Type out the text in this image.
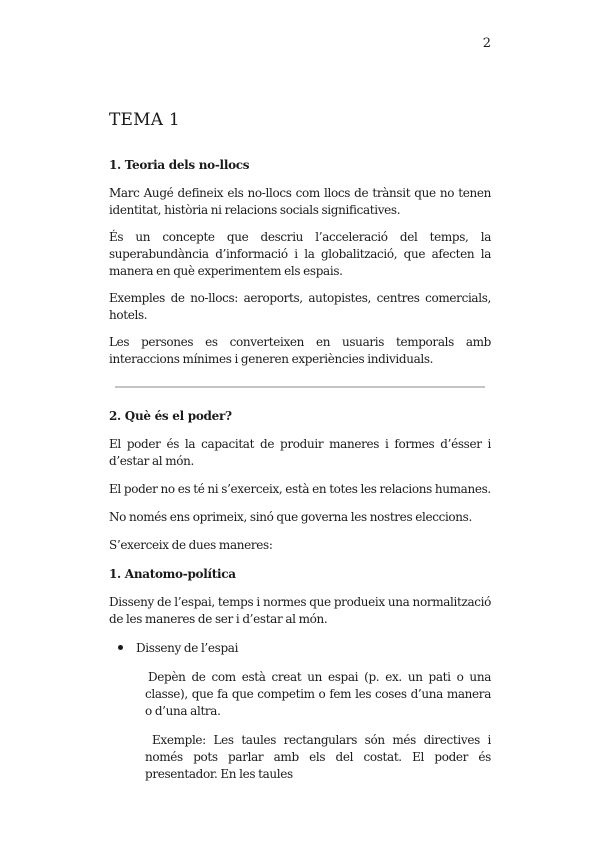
2
TEMA 1
1. Teoria dels no-llocs

Marc Augé defineix els no-llocs com llocs de trànsit que no tenen identitat, història ni relacions socials significatives.

És un concepte que descriu l’acceleració del temps, la superabundància d’informació i la globalització, que afecten la manera en què experimentem els espais.

Exemples de no-llocs: aeroports, autopistes, centres comercials, hotels.

Les persones es converteixen en usuaris temporals amb interaccions mínimes i generen experiències individuals.

2. Què és el poder?

El poder és la capacitat de produir maneres i formes d’ésser i d’estar al món.

El poder no es té ni s’exerceix, està en totes les relacions humanes.

No només ens oprimeix, sinó que governa les nostres eleccions.

S’exerceix de dues maneres:

1. Anatomo-política

Disseny de l’espai, temps i normes que produeix una normalització de les maneres de ser i d’estar al món.

Disseny de l’espai

Depèn de com està creat un espai (p. ex. un pati o una classe), que fa que competim o fem les coses d’una manera o d’una altra.

Exemple: Les taules rectangulars són més directives i només pots parlar amb els del costat. El poder és presentador. En les taules
